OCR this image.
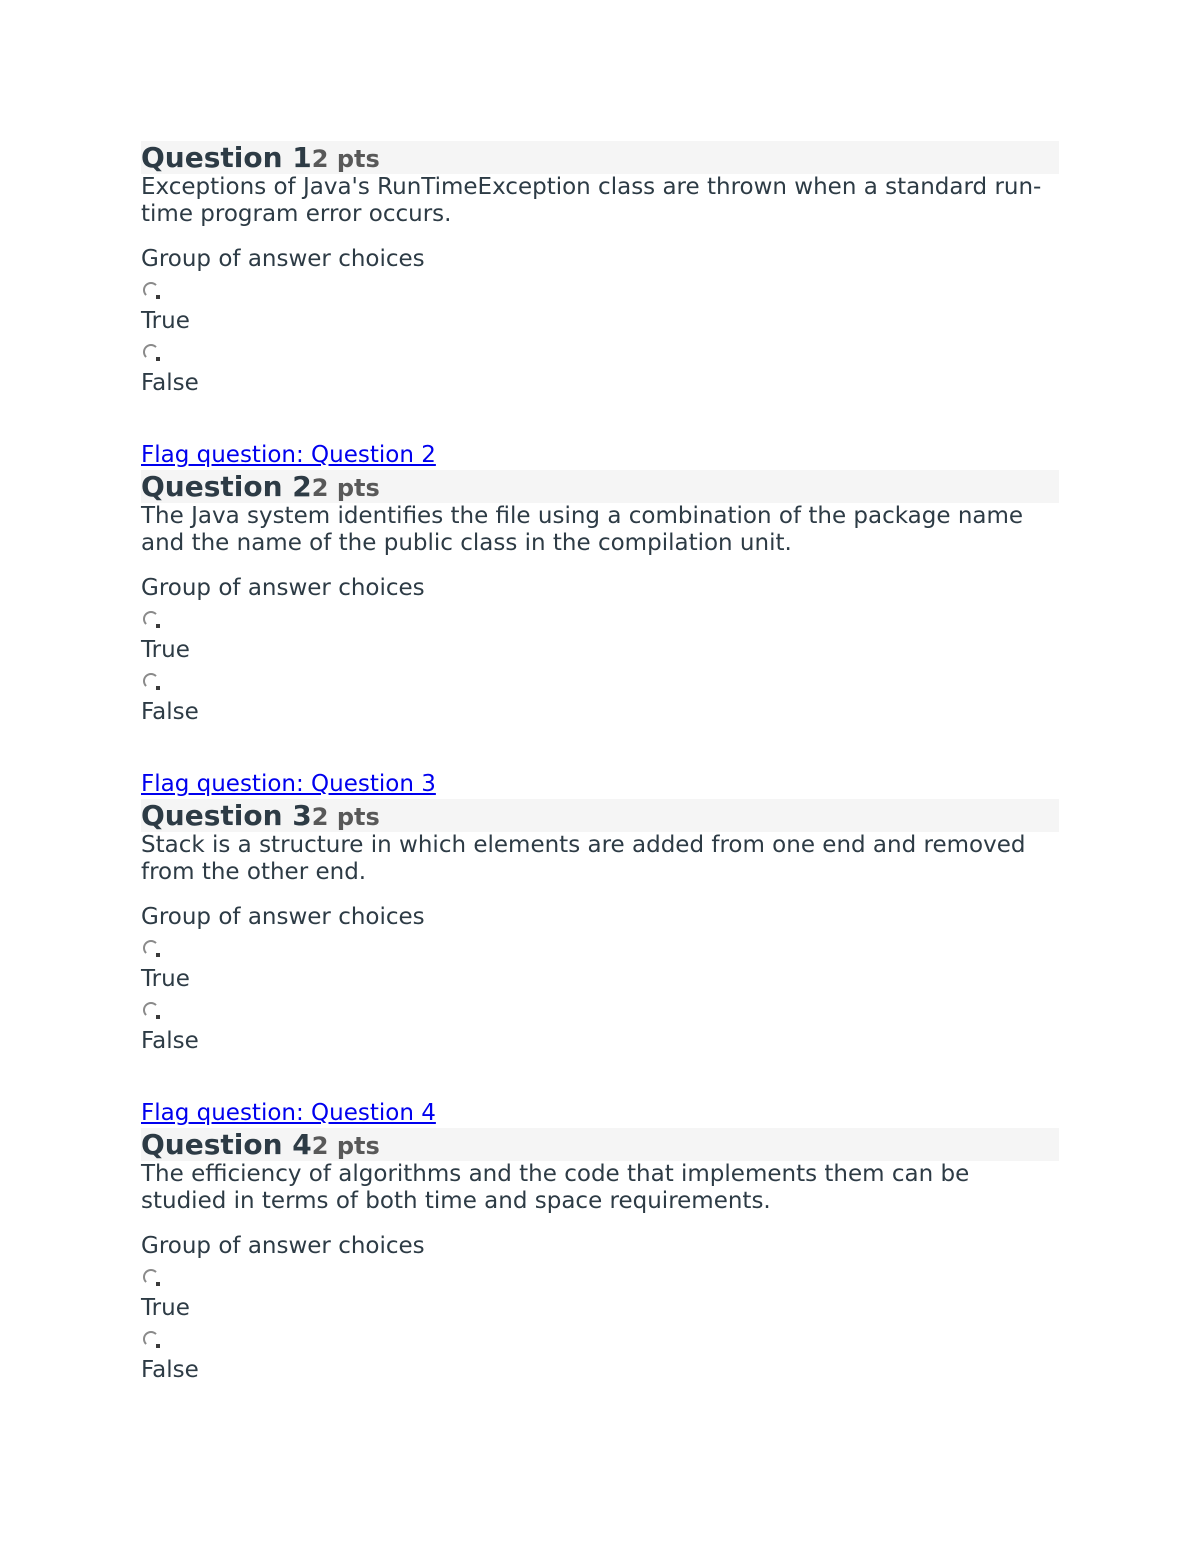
Question 12 pts
Exceptions of Java's RunTimeException class are thrown when a standard run-time program error occurs.
Group of answer choices
True
False
Flag question: Question 2
Question 22 pts
The Java system identifies the file using a combination of the package name and the name of the public class in the compilation unit.
Group of answer choices
True
False
Flag question: Question 3
Question 32 pts
Stack is a structure in which elements are added from one end and removed from the other end.
Group of answer choices
True
False
Flag question: Question 4
Question 42 pts
The efficiency of algorithms and the code that implements them can be studied in terms of both time and space requirements.
Group of answer choices
True
False
